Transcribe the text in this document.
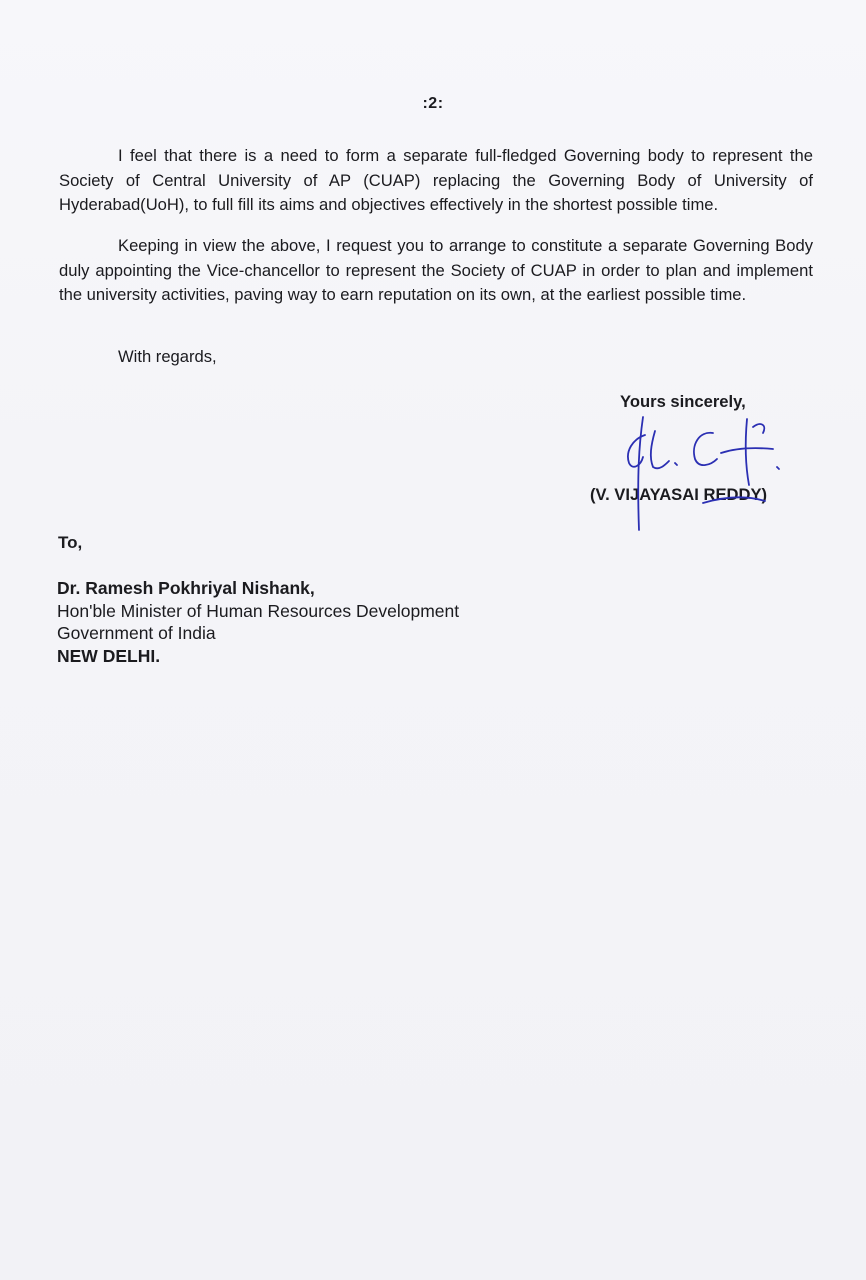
:2:

I feel that there is a need to form a separate full-fledged Governing body to represent the Society of Central University of AP (CUAP) replacing the Governing Body of University of Hyderabad(UoH), to full fill its aims and objectives effectively in the shortest possible time.

Keeping in view the above, I request you to arrange to constitute a separate Governing Body duly appointing the Vice-chancellor to represent the Society of CUAP in order to plan and implement the university activities, paving way to earn reputation on its own, at the earliest possible time.

With regards,

Yours sincerely,

(V. VIJAYASAI REDDY)

To,

Dr. Ramesh Pokhriyal Nishank,
Hon'ble Minister of Human Resources Development
Government of India
NEW DELHI.
